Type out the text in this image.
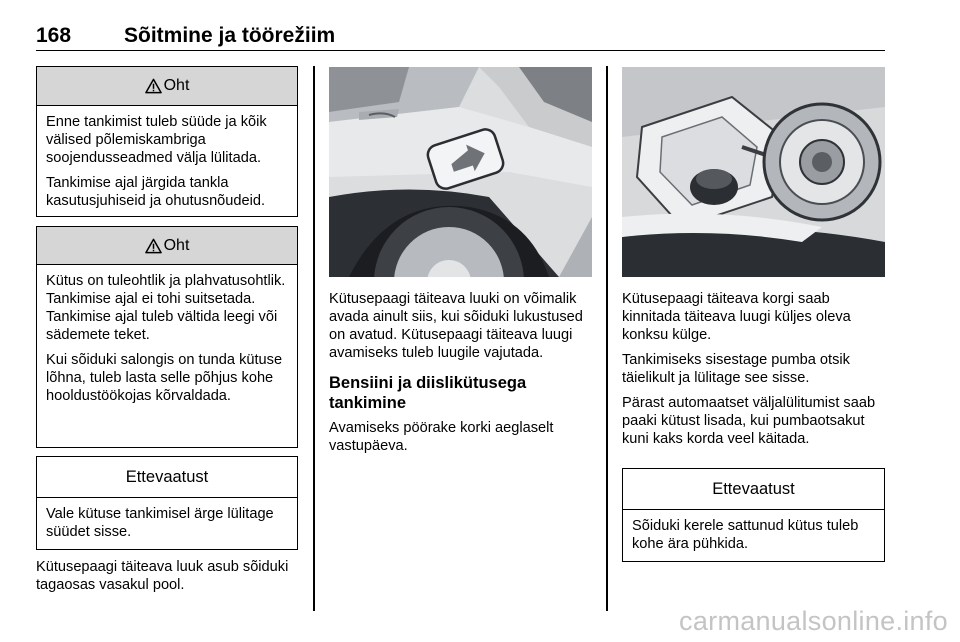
168	Sõitmine ja töörežiim
Oht

Enne tankimist tuleb süüde ja kõik välised põlemiskambriga soojendusseadmed välja lülitada.

Tankimise ajal järgida tankla kasutusjuhiseid ja ohutusnõudeid.

Oht

Kütus on tuleohtlik ja plahvatusohtlik. Tankimise ajal ei tohi suitsetada. Tankimise ajal tuleb vältida leegi või sädemete teket.

Kui sõiduki salongis on tunda kütuse lõhna, tuleb lasta selle põhjus kohe hooldustöökojas kõrvaldada.

Ettevaatust

Vale kütuse tankimisel ärge lülitage süüdet sisse.

Kütusepaagi täiteava luuk asub sõiduki tagaosas vasakul pool.

Kütusepaagi täiteava luuki on võimalik avada ainult siis, kui sõiduki lukustused on avatud. Kütusepaagi täiteava luugi avamiseks tuleb luugile vajutada.

Bensiini ja diislikütusega tankimine

Avamiseks pöörake korki aeglaselt vastupäeva.

Kütusepaagi täiteava korgi saab kinnitada täiteava luugi küljes oleva konksu külge.

Tankimiseks sisestage pumba otsik täielikult ja lülitage see sisse.

Pärast automaatset väljalülitumist saab paaki kütust lisada, kui pumbaotsakut kuni kaks korda veel käitada.

Ettevaatust

Sõiduki kerele sattunud kütus tuleb kohe ära pühkida.

carmanualsonline.info
